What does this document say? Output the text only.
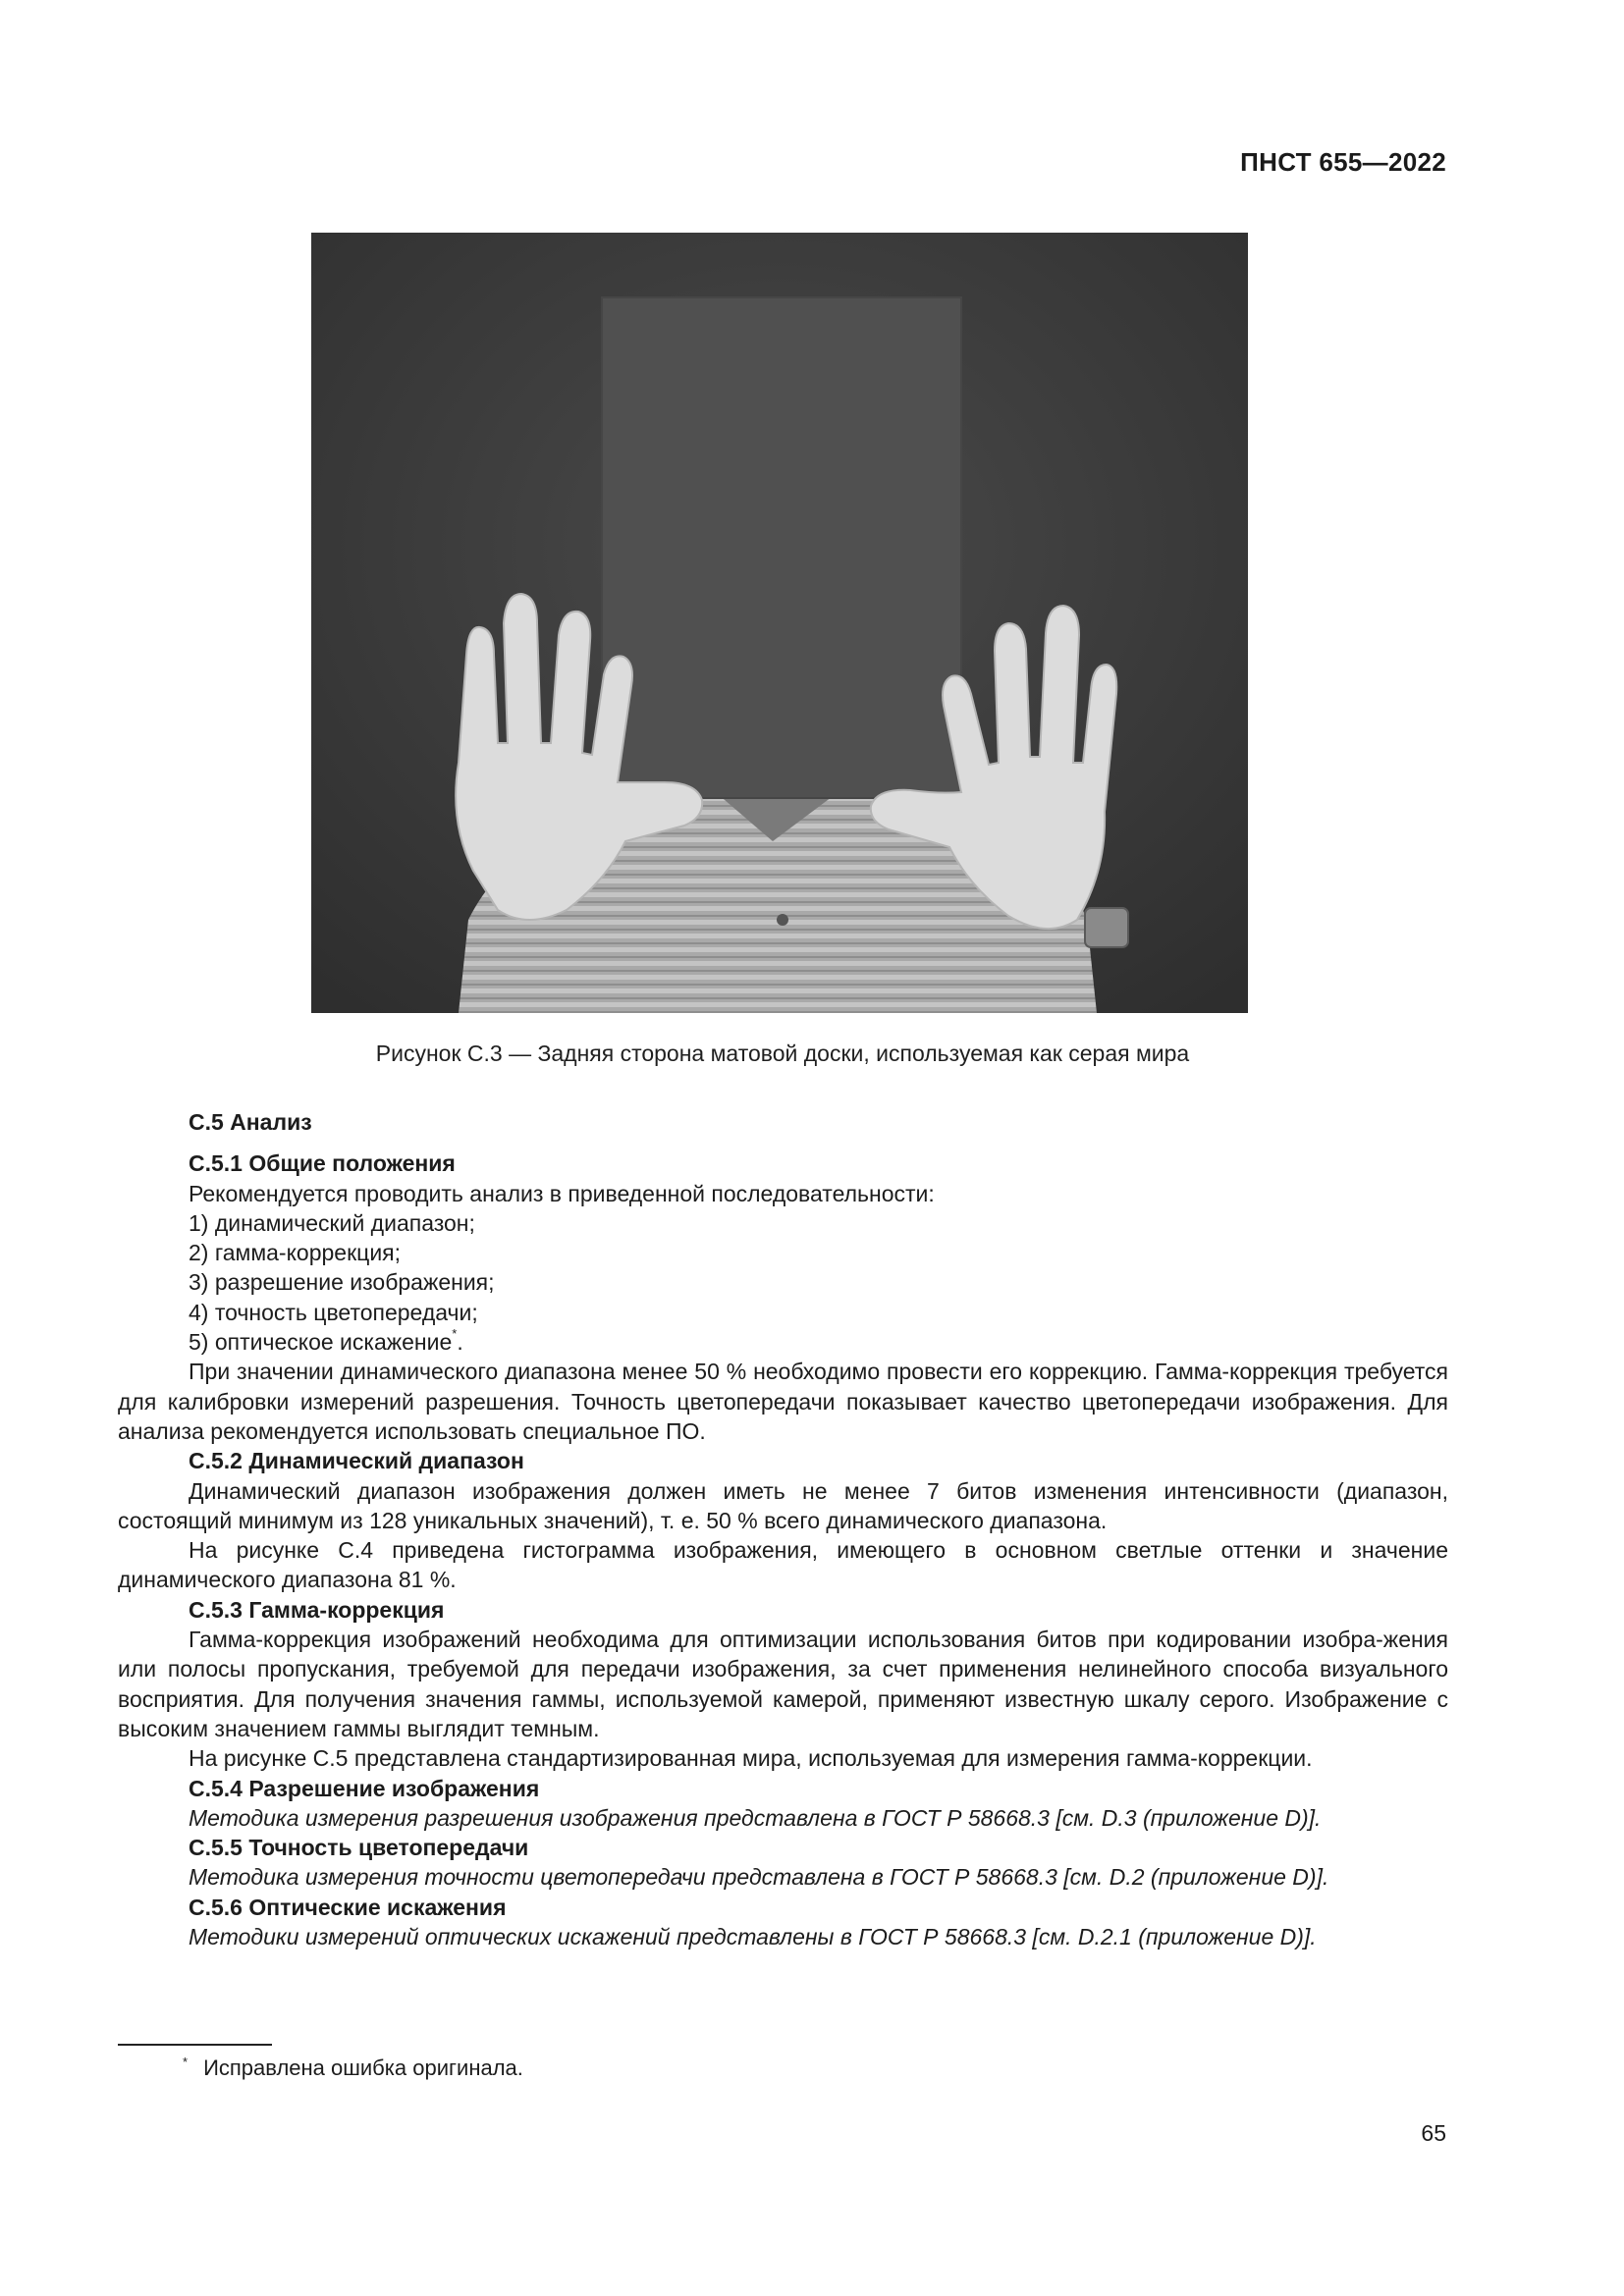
ПНСТ 655—2022
Рисунок С.3 — Задняя сторона матовой доски, используемая как серая мира

С.5 Анализ

С.5.1 Общие положения

Рекомендуется проводить анализ в приведенной последовательности:

1) динамический диапазон;

2) гамма-коррекция;

3) разрешение изображения;

4) точность цветопередачи;

5) оптическое искажение*.

При значении динамического диапазона менее 50 % необходимо провести его коррекцию. Гамма-коррекция требуется для калибровки измерений разрешения. Точность цветопередачи показывает качество цветопередачи изображения. Для анализа рекомендуется использовать специальное ПО.

С.5.2 Динамический диапазон

Динамический диапазон изображения должен иметь не менее 7 битов изменения интенсивности (диапазон, состоящий минимум из 128 уникальных значений), т. е. 50 % всего динамического диапазона.

На рисунке С.4 приведена гистограмма изображения, имеющего в основном светлые оттенки и значение динамического диапазона 81 %.

С.5.3 Гамма-коррекция

Гамма-коррекция изображений необходима для оптимизации использования битов при кодировании изобра-жения или полосы пропускания, требуемой для передачи изображения, за счет применения нелинейного способа визуального восприятия. Для получения значения гаммы, используемой камерой, применяют известную шкалу серого. Изображение с высоким значением гаммы выглядит темным.

На рисунке С.5 представлена стандартизированная мира, используемая для измерения гамма-коррекции.

С.5.4 Разрешение изображения

Методика измерения разрешения изображения представлена в ГОСТ Р 58668.3 [см. D.3 (приложение D)].

С.5.5 Точность цветопередачи

Методика измерения точности цветопередачи представлена в ГОСТ Р 58668.3 [см. D.2 (приложение D)].

С.5.6 Оптические искажения

Методики измерений оптических искажений представлены в ГОСТ Р 58668.3 [см. D.2.1 (приложение D)].

* Исправлена ошибка оригинала.
65
